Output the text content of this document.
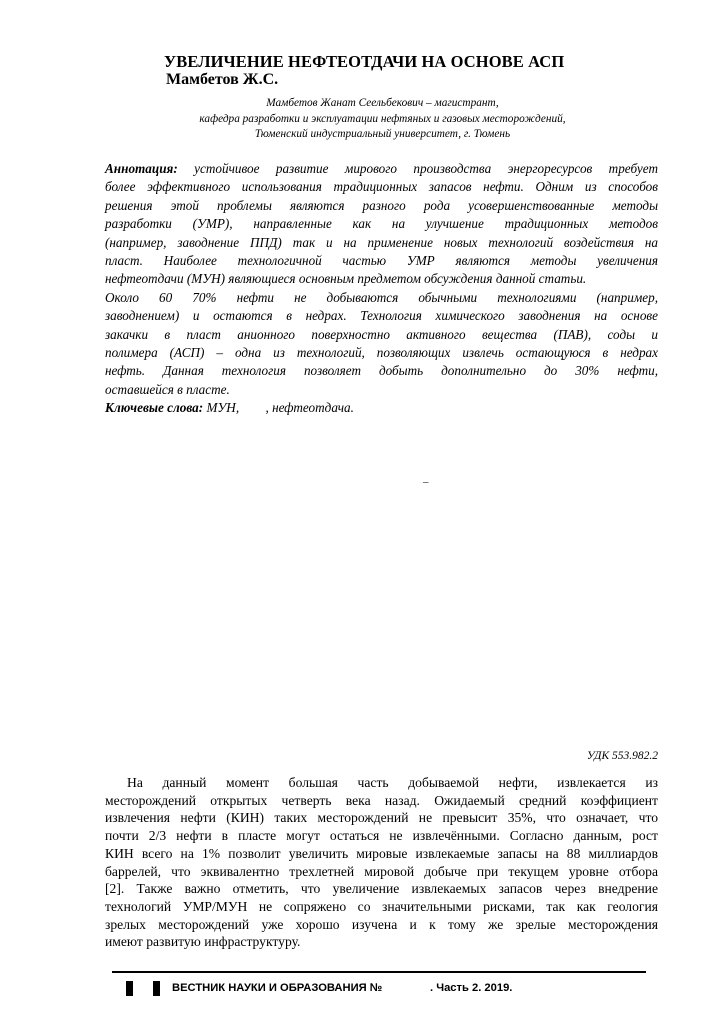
УВЕЛИЧЕНИЕ НЕФТЕОТДАЧИ НА ОСНОВЕ АСП
Мамбетов Ж.С.
Мамбетов Жанат Сеельбекович – магистрант,
кафедра разработки и эксплуатации нефтяных и газовых месторождений,
Тюменский индустриальный университет, г. Тюмень
Аннотация: устойчивое развитие мирового производства энергоресурсов требует
более эффективного использования традиционных запасов нефти. Одним из способов
решения этой проблемы являются разного рода усовершенствованные методы
разработки (УМР), направленные как на улучшение традиционных методов
(например, заводнение ППД) так и на применение новых технологий воздействия на
пласт. Наиболее технологичной частью УМР являются методы увеличения
нефтеотдачи (МУН) являющиеся основным предметом обсуждения данной статьи.
Около 60 70% нефти не добываются обычными технологиями (например,
заводнением) и остаются в недрах. Технология химического заводнения на основе
закачки в пласт анионного поверхностно активного вещества (ПАВ), соды и
полимера (АСП) – одна из технологий, позволяющих извлечь остающуюся в недрах
нефть. Данная технология позволяет добыть дополнительно до 30% нефти,
оставшейся в пласте.
Ключевые слова: МУН,        , нефтеотдача.
–
УДК 553.982.2
На данный момент большая часть добываемой нефти, извлекается из
месторождений открытых четверть века назад. Ожидаемый средний коэффициент
извлечения нефти (КИН) таких месторождений не превысит 35%, что означает, что
почти 2/3 нефти в пласте могут остаться не извлечёнными. Согласно данным, рост
КИН всего на 1% позволит увеличить мировые извлекаемые запасы на 88 миллиардов
баррелей, что эквивалентно трехлетней мировой добыче при текущем уровне отбора
[2]. Также важно отметить, что увеличение извлекаемых запасов через внедрение
технологий УМР/МУН не сопряжено со значительными рисками, так как геология
зрелых месторождений уже хорошо изучена и к тому же зрелые месторождения
имеют развитую инфраструктуру.
ВЕСТНИК НАУКИ И ОБРАЗОВАНИЯ №	. Часть 2. 2019.
